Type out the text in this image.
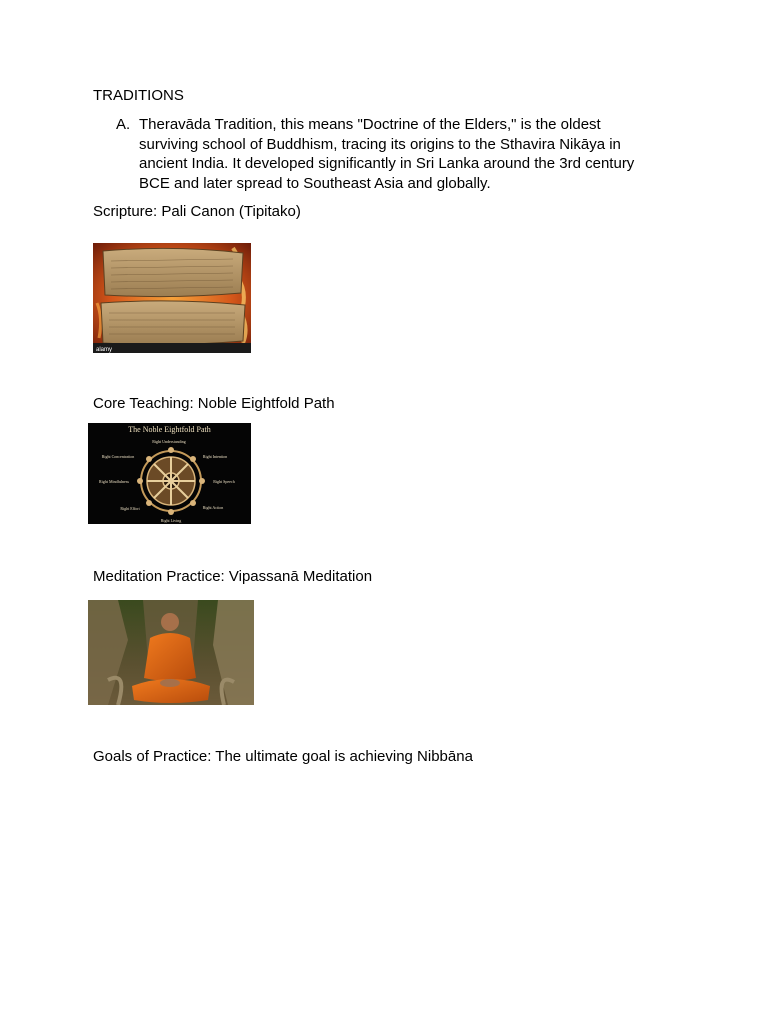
TRADITIONS
A. Theravāda Tradition, this means "Doctrine of the Elders," is the oldest surviving school of Buddhism, tracing its origins to the Sthavira Nikāya in ancient India. It developed significantly in Sri Lanka around the 3rd century BCE and later spread to Southeast Asia and globally.
Scripture: Pali Canon (Tipitako)
alamy
Core Teaching: Noble Eightfold Path
The Noble Eightfold Path
Right Understanding
Right Intention
Right Speech
Right Action
Right Living
Right Effort
Right Mindfulness
Right Concentration
Meditation Practice: Vipassanā Meditation
Goals of Practice: The ultimate goal is achieving Nibbāna
